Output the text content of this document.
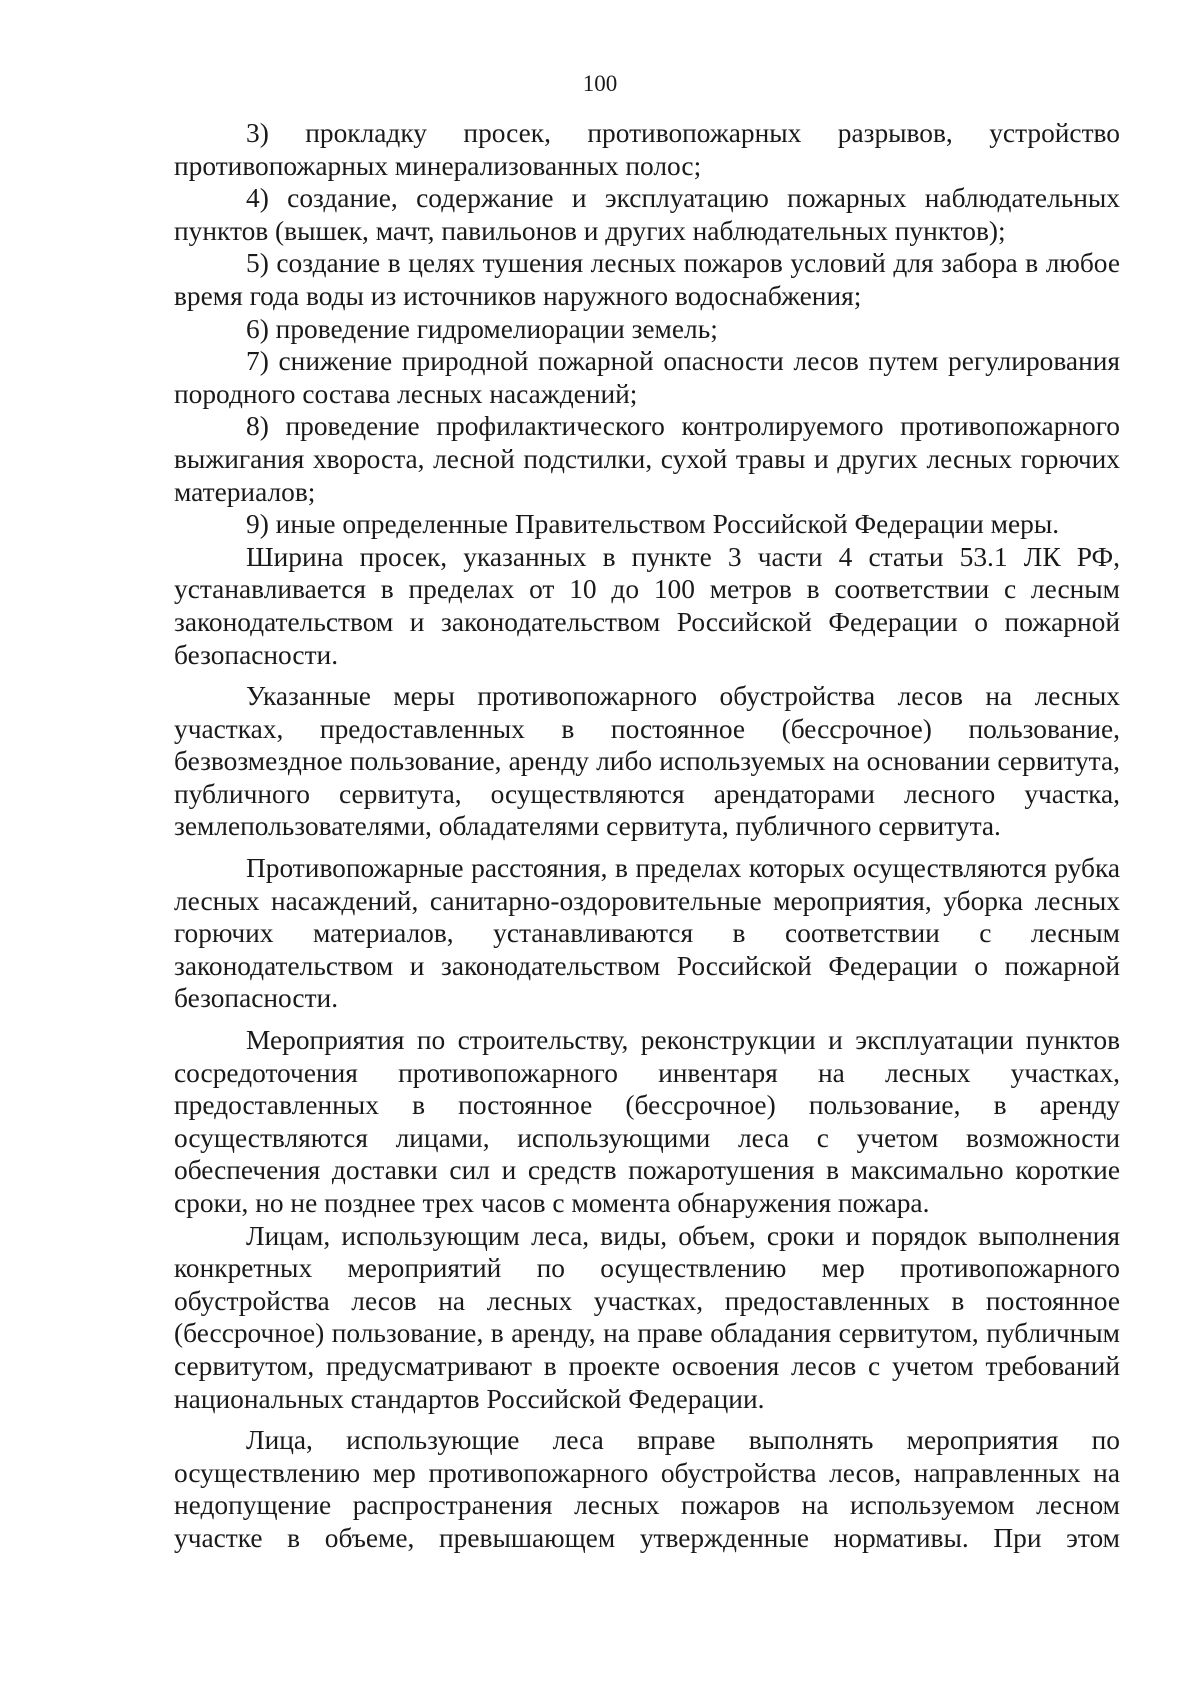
100

3) прокладку просек, противопожарных разрывов, устройство противопожарных минерализованных полос;

4) создание, содержание и эксплуатацию пожарных наблюдательных пунктов (вышек, мачт, павильонов и других наблюдательных пунктов);

5) создание в целях тушения лесных пожаров условий для забора в любое время года воды из источников наружного водоснабжения;

6) проведение гидромелиорации земель;

7) снижение природной пожарной опасности лесов путем регулирования породного состава лесных насаждений;

8) проведение профилактического контролируемого противопожарного выжигания хвороста, лесной подстилки, сухой травы и других лесных горючих материалов;

9) иные определенные Правительством Российской Федерации меры.

Ширина просек, указанных в пункте 3 части 4 статьи 53.1 ЛК РФ, устанавливается в пределах от 10 до 100 метров в соответствии с лесным законодательством и законодательством Российской Федерации о пожарной безопасности.

Указанные меры противопожарного обустройства лесов на лесных участках, предоставленных в постоянное (бессрочное) пользование, безвозмездное пользование, аренду либо используемых на основании сервитута, публичного сервитута, осуществляются арендаторами лесного участка, землепользователями, обладателями сервитута, публичного сервитута.

Противопожарные расстояния, в пределах которых осуществляются рубка лесных насаждений, санитарно-оздоровительные мероприятия, уборка лесных горючих материалов, устанавливаются в соответствии с лесным законодательством и законодательством Российской Федерации о пожарной безопасности.

Мероприятия по строительству, реконструкции и эксплуатации пунктов сосредоточения противопожарного инвентаря на лесных участках, предоставленных в постоянное (бессрочное) пользование, в аренду осуществляются лицами, использующими леса с учетом возможности обеспечения доставки сил и средств пожаротушения в максимально короткие сроки, но не позднее трех часов с момента обнаружения пожара.

Лицам, использующим леса, виды, объем, сроки и порядок выполнения конкретных мероприятий по осуществлению мер противопожарного обустройства лесов на лесных участках, предоставленных в постоянное (бессрочное) пользование, в аренду, на праве обладания сервитутом, публичным сервитутом, предусматривают в проекте освоения лесов с учетом требований национальных стандартов Российской Федерации.

Лица, использующие леса вправе выполнять мероприятия по осуществлению мер противопожарного обустройства лесов, направленных на недопущение распространения лесных пожаров на используемом лесном участке в объеме, превышающем утвержденные нормативы. При этом
